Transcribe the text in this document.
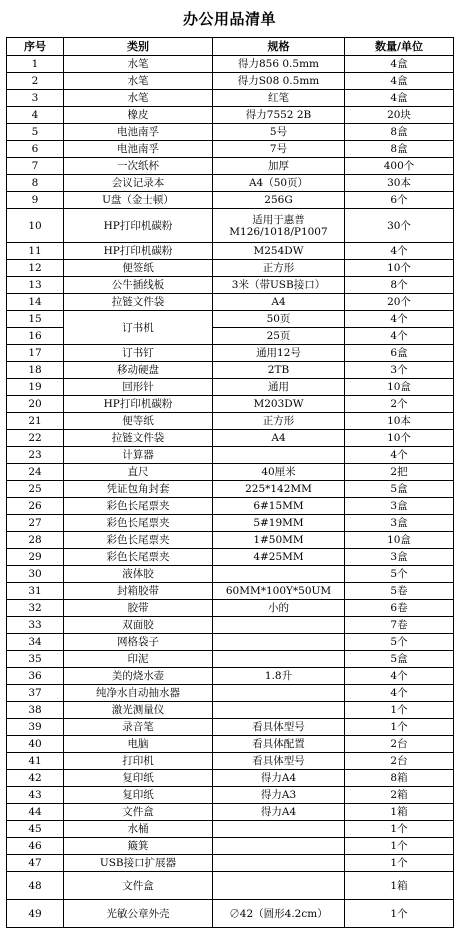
办公用品清单
序号	类别	规格	数量/单位
1	水笔	得力856 0.5mm	4盒
2	水笔	得力S08 0.5mm	4盒
3	水笔	红笔	4盒
4	橡皮	得力7552 2B	20块
5	电池南孚	5号	8盒
6	电池南孚	7号	8盒
7	一次纸杯	加厚	400个
8	会议记录本	A4（50页）	30本
9	U盘（金士顿）	256G	6个
10	HP打印机碳粉	适用于惠普M126/1018/P1007	30个
11	HP打印机碳粉	M254DW	4个
12	便签纸	正方形	10个
13	公牛插线板	3米（带USB接口）	8个
14	拉链文件袋	A4	20个
15	订书机	50页	4个
16		25页	4个
17	订书钉	通用12号	6盒
18	移动硬盘	2TB	3个
19	回形针	通用	10盒
20	HP打印机碳粉	M203DW	2个
21	便等纸	正方形	10本
22	拉链文件袋	A4	10个
23	计算器		4个
24	直尺	40厘米	2把
25	凭证包角封套	225*142MM	5盒
26	彩色长尾票夹	6#15MM	3盒
27	彩色长尾票夹	5#19MM	3盒
28	彩色长尾票夹	1#50MM	10盒
29	彩色长尾票夹	4#25MM	3盒
30	液体胶		5个
31	封箱胶带	60MM*100Y*50UM	5卷
32	胶带	小的	6卷
33	双面胶		7卷
34	网格袋子		5个
35	印泥		5盒
36	美的烧水壶	1.8升	4个
37	纯净水自动抽水器		4个
38	激光测量仪		1个
39	录音笔	看具体型号	1个
40	电脑	看具体配置	2台
41	打印机	看具体型号	2台
42	复印纸	得力A4	8箱
43	复印纸	得力A3	2箱
44	文件盒	得力A4	1箱
45	水桶		1个
46	簸箕		1个
47	USB接口扩展器		1个
48	文件盒		1箱
49	光敏公章外壳	∅42（圆形4.2cm）	1个
